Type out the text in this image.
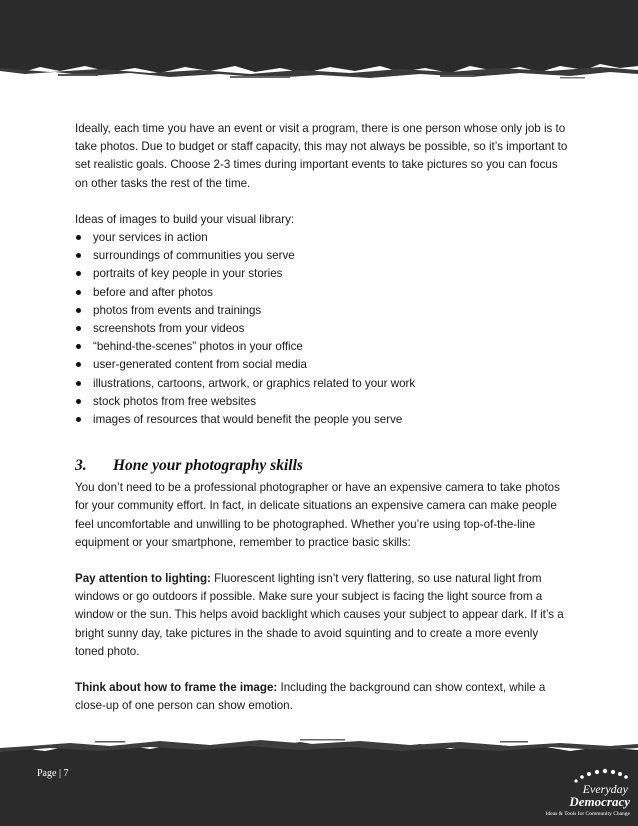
Ideally, each time you have an event or visit a program, there is one person whose only job is to take photos. Due to budget or staff capacity, this may not always be possible, so it’s important to set realistic goals. Choose 2-3 times during important events to take pictures so you can focus on other tasks the rest of the time.

Ideas of images to build your visual library:

your services in action
surroundings of communities you serve
portraits of key people in your stories
before and after photos
photos from events and trainings
screenshots from your videos
“behind-the-scenes” photos in your office
user-generated content from social media
illustrations, cartoons, artwork, or graphics related to your work
stock photos from free websites
images of resources that would benefit the people you serve
3. Hone your photography skills

You don’t need to be a professional photographer or have an expensive camera to take photos for your community effort. In fact, in delicate situations an expensive camera can make people feel uncomfortable and unwilling to be photographed. Whether you’re using top-of-the-line equipment or your smartphone, remember to practice basic skills:

Pay attention to lighting: Fluorescent lighting isn’t very flattering, so use natural light from windows or go outdoors if possible. Make sure your subject is facing the light source from a window or the sun. This helps avoid backlight which causes your subject to appear dark. If it’s a bright sunny day, take pictures in the shade to avoid squinting and to create a more evenly toned photo.

Think about how to frame the image: Including the background can show context, while a close-up of one person can show emotion.

Page | 7
Everyday
Democracy
Ideas & Tools for Community Change
